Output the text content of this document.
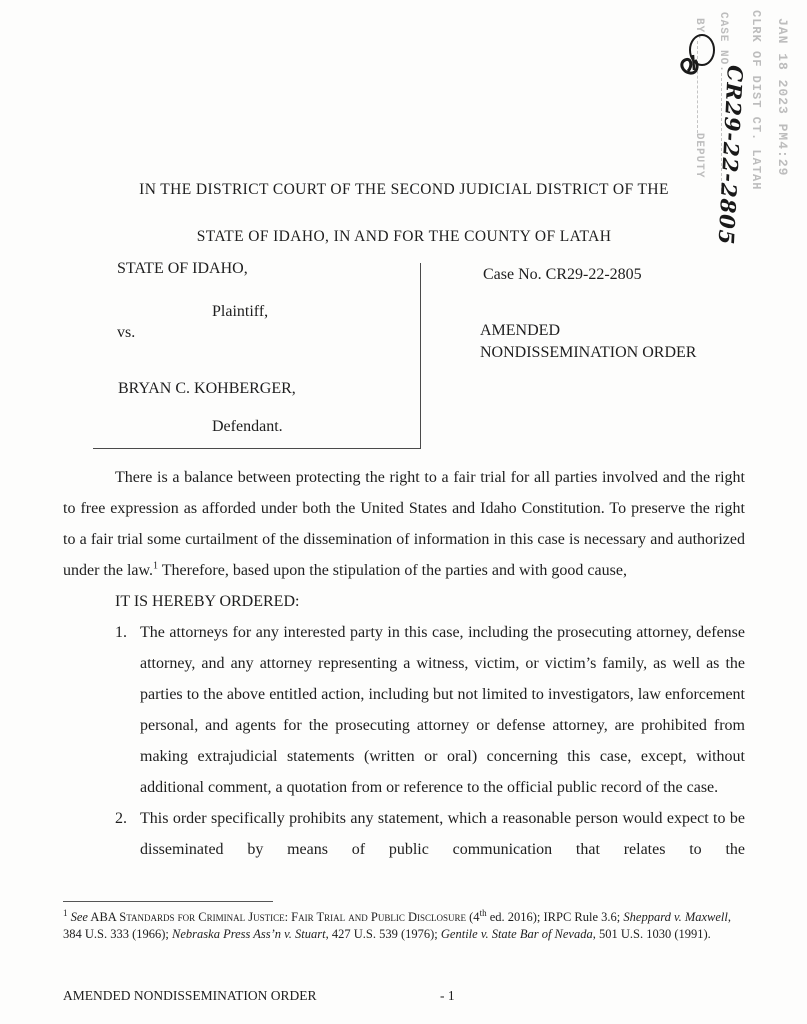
JAN 18 2023 PM4:29
CLRK OF DIST CT. LATAH
CASE NO.
BY-DEPUTY CR29-22-2805
IN THE DISTRICT COURT OF THE SECOND JUDICIAL DISTRICT OF THE
STATE OF IDAHO, IN AND FOR THE COUNTY OF LATAH
STATE OF IDAHO,
Plaintiff,
vs.
BRYAN C. KOHBERGER,
Defendant.
Case No. CR29-22-2805
AMENDED
NONDISSEMINATION ORDER

There is a balance between protecting the right to a fair trial for all parties involved and the right to free expression as afforded under both the United States and Idaho Constitution. To preserve the right to a fair trial some curtailment of the dissemination of information in this case is necessary and authorized under the law.$^1$ Therefore, based upon the stipulation of the parties and with good cause,

IT IS HEREBY ORDERED:

1. The attorneys for any interested party in this case, including the prosecuting attorney, defense attorney, and any attorney representing a witness, victim, or victim’s family, as well as the parties to the above entitled action, including but not limited to investigators, law enforcement personal, and agents for the prosecuting attorney or defense attorney, are prohibited from making extrajudicial statements (written or oral) concerning this case, except, without additional comment, a quotation from or reference to the official public record of the case.
2. This order specifically prohibits any statement, which a reasonable person would expect to be disseminated by means of public communication that relates to the
$^1$ See ABA Standards for Criminal Justice: Fair Trial and Public Disclosure (4th ed. 2016); IRPC Rule 3.6; Sheppard v. Maxwell, 384 U.S. 333 (1966); Nebraska Press Ass’n v. Stuart, 427 U.S. 539 (1976); Gentile v. State Bar of Nevada, 501 U.S. 1030 (1991).
AMENDED NONDISSEMINATION ORDER	- 1
